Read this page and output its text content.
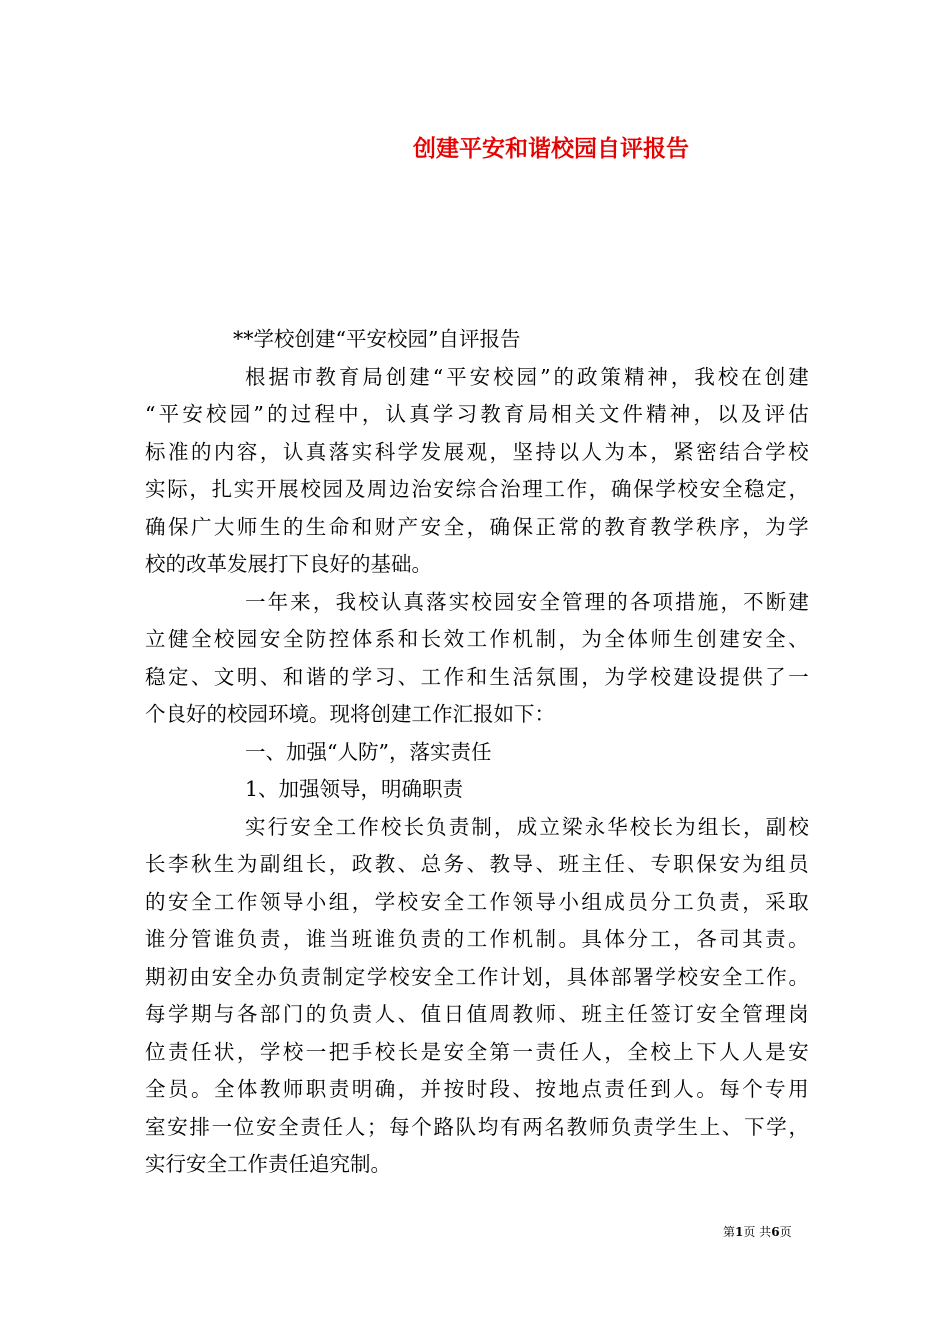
创建平安和谐校园自评报告
**学校创建“平安校园”自评报告
根 据 市 教 育 局 创 建 “ 平 安 校 园 ” 的 政 策 精 神 ， 我 校 在 创 建
“ 平 安 校 园 ” 的 过 程 中 ， 认 真 学 习 教 育 局 相 关 文 件 精 神 ， 以 及 评 估
标 准 的 内 容 ， 认 真 落 实 科 学 发 展 观 ， 坚 持 以 人 为 本 ， 紧 密 结 合 学 校
实 际 ， 扎 实 开 展 校 园 及 周 边 治 安 综 合 治 理 工 作 ， 确 保 学 校 安 全 稳 定 ，
确 保 广 大 师 生 的 生 命 和 财 产 安 全 ， 确 保 正 常 的 教 育 教 学 秩 序 ， 为 学
校的改革发展打下良好的基础。
一 年 来 ， 我 校 认 真 落 实 校 园 安 全 管 理 的 各 项 措 施 ， 不 断 建
立 健 全 校 园 安 全 防 控 体 系 和 长 效 工 作 机 制 ， 为 全 体 师 生 创 建 安 全 、
稳 定 、 文 明 、 和 谐 的 学 习 、 工 作 和 生 活 氛 围 ， 为 学 校 建 设 提 供 了 一
个良好的校园环境。现将创建工作汇报如下：
一、加强“人防”，落实责任
1、加强领导，明确职责
实 行 安 全 工 作 校 长 负 责 制 ， 成 立 梁 永 华 校 长 为 组 长 ， 副 校
长 李 秋 生 为 副 组 长 ， 政 教 、 总 务 、 教 导 、 班 主 任 、 专 职 保 安 为 组 员
的 安 全 工 作 领 导 小 组 ， 学 校 安 全 工 作 领 导 小 组 成 员 分 工 负 责 ， 采 取
谁 分 管 谁 负 责 ， 谁 当 班 谁 负 责 的 工 作 机 制 。 具 体 分 工 ， 各 司 其 责 。
期 初 由 安 全 办 负 责 制 定 学 校 安 全 工 作 计 划 ， 具 体 部 署 学 校 安 全 工 作 。
每 学 期 与 各 部 门 的 负 责 人 、 值 日 值 周 教 师 、 班 主 任 签 订 安 全 管 理 岗
位 责 任 状 ， 学 校 一 把 手 校 长 是 安 全 第 一 责 任 人 ， 全 校 上 下 人 人 是 安
全 员 。 全 体 教 师 职 责 明 确 ， 并 按 时 段 、 按 地 点 责 任 到 人 。 每 个 专 用
室 安 排 一 位 安 全 责 任 人 ； 每 个 路 队 均 有 两 名 教 师 负 责 学 生 上 、 下 学 ，
实行安全工作责任追究制。
第1页 共6页
